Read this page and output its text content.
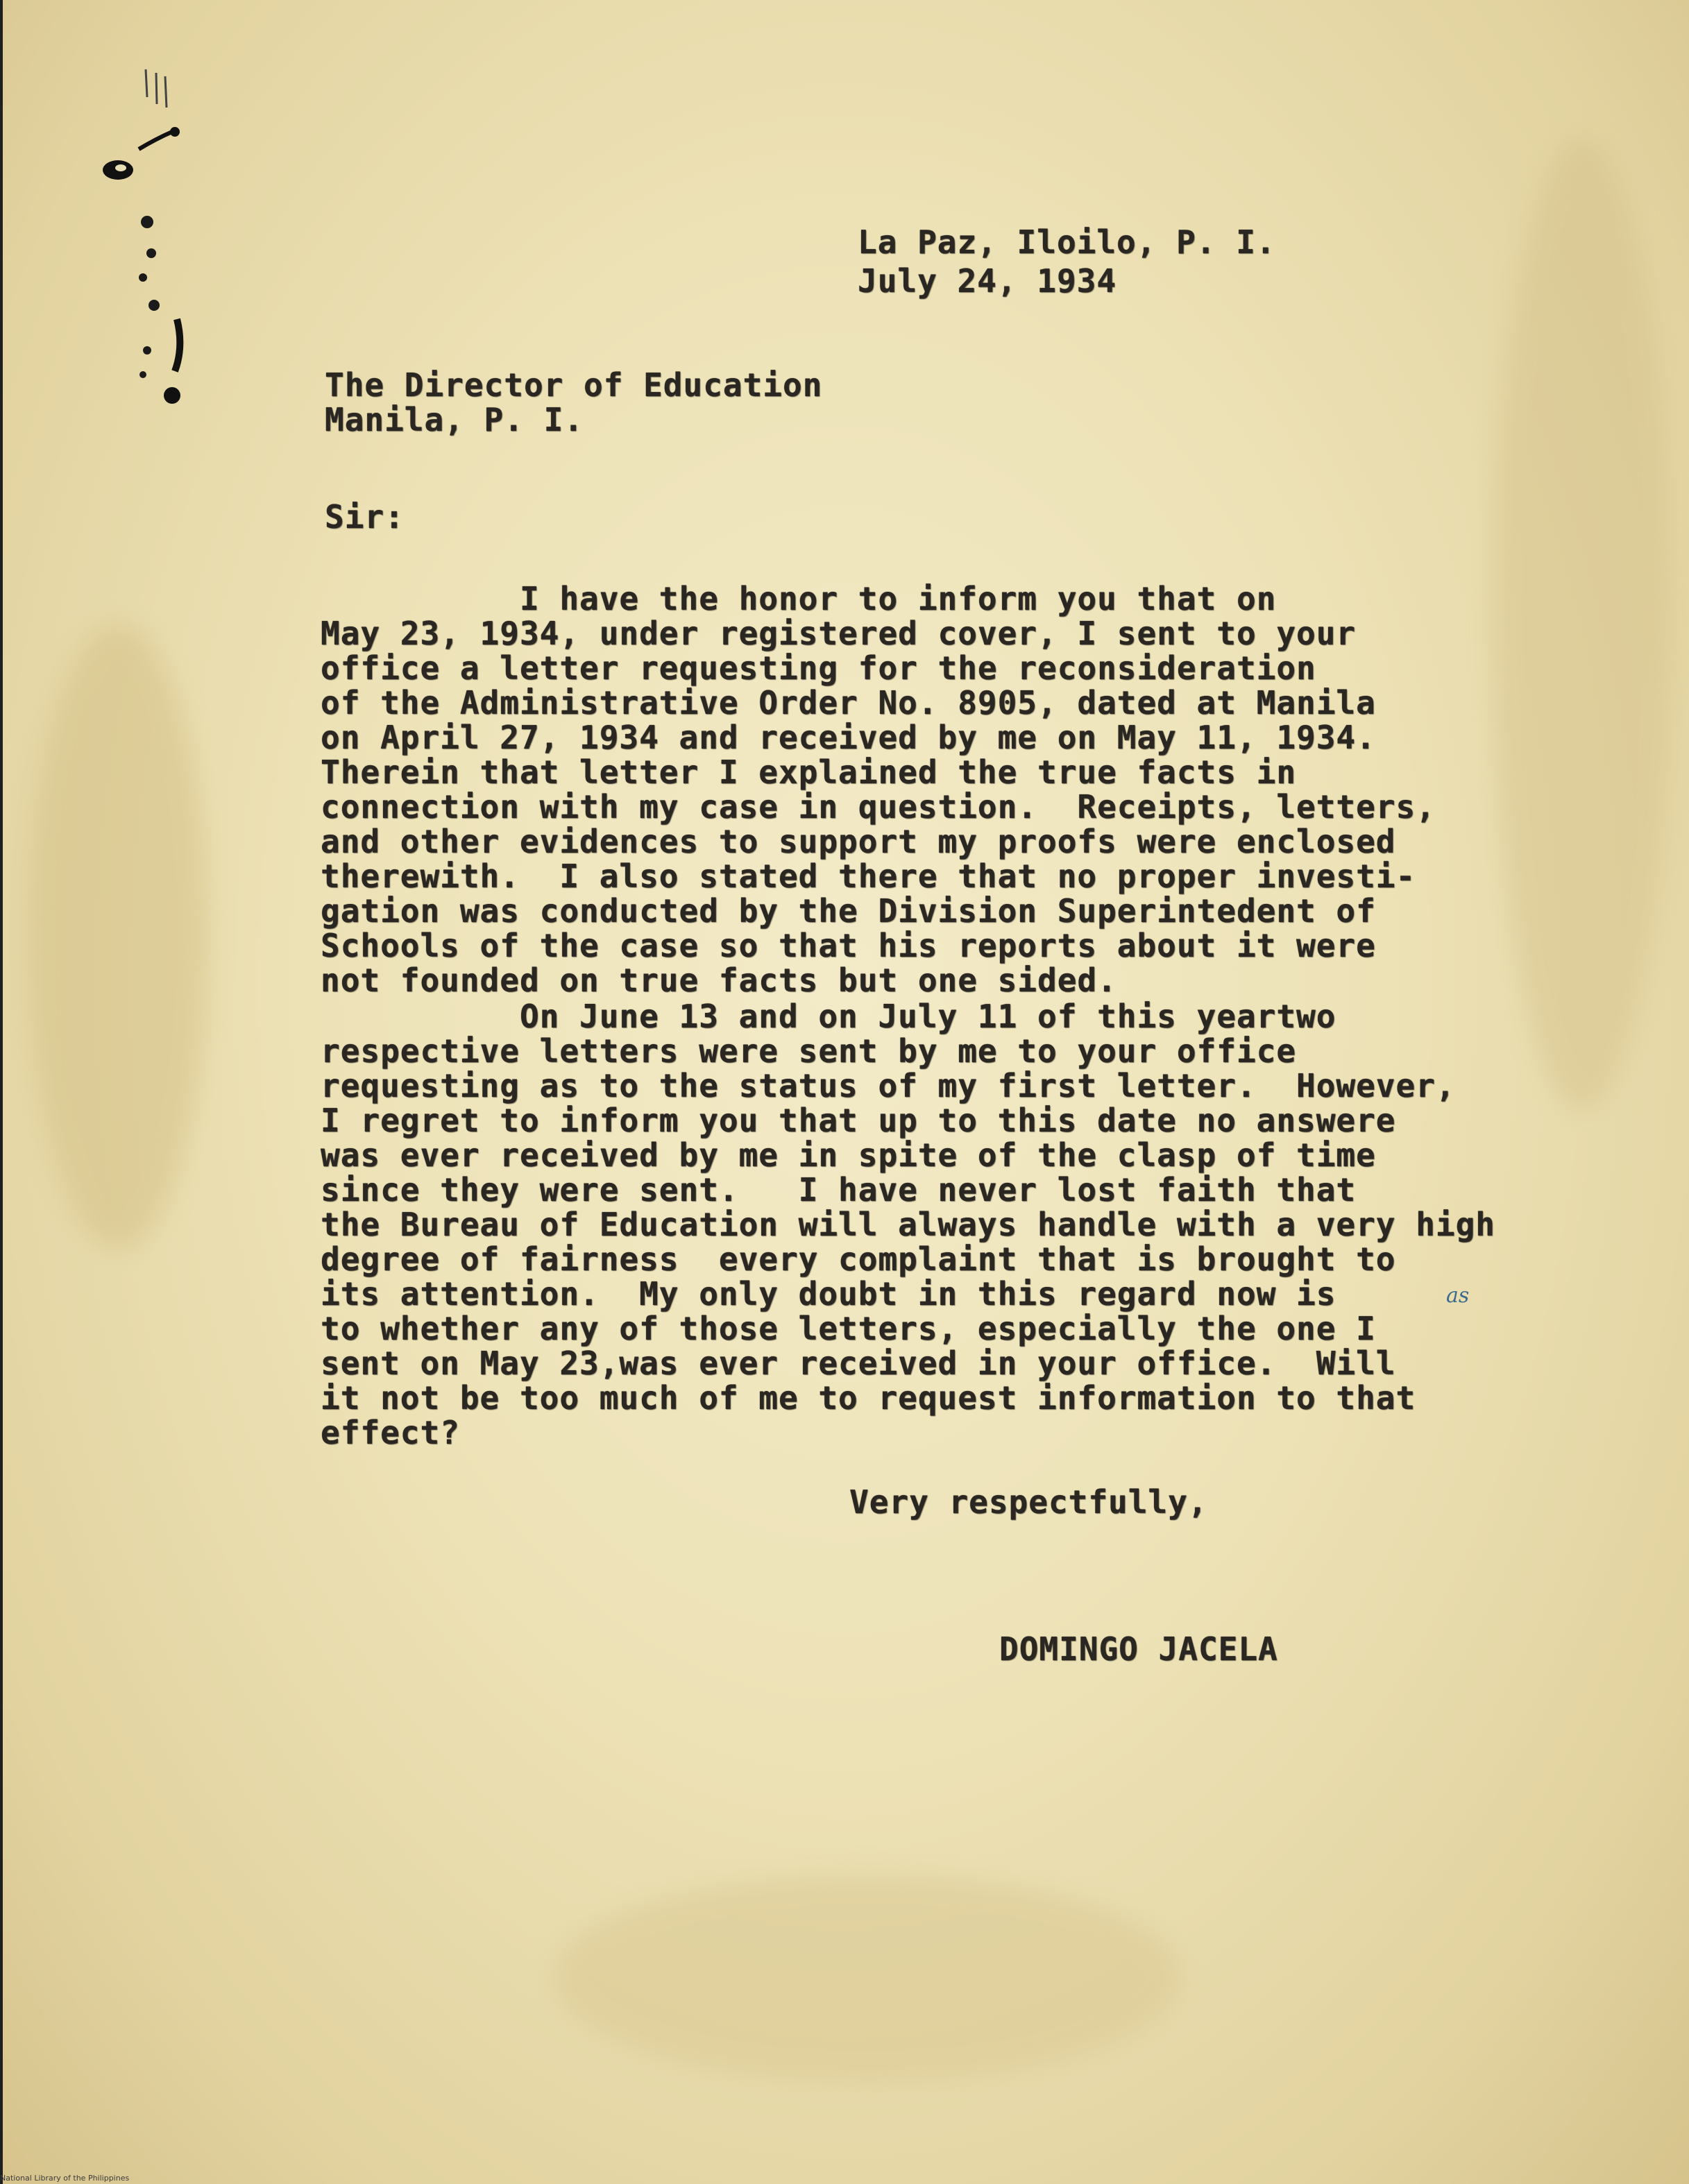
La Paz, Iloilo, P. I.
July 24, 1934
The Director of Education
Manila, P. I.
Sir:

I have the honor to inform you that on

May 23, 1934, under registered cover, I sent to your

office a letter requesting for the reconsideration

of the Administrative Order No. 8905, dated at Manila

on April 27, 1934 and received by me on May 11, 1934.

Therein that letter I explained the true facts in

connection with my case in question.  Receipts, letters,

and other evidences to support my proofs were enclosed

therewith.  I also stated there that no proper investi-

gation was conducted by the Division Superintedent of

Schools of the case so that his reports about it were

not founded on true facts but one sided.

On June 13 and on July 11 of this yeartwo

respective letters were sent by me to your office

requesting as to the status of my first letter.  However,

I regret to inform you that up to this date no answere

was ever received by me in spite of the clasp of time

since they were sent.   I have never lost faith that

the Bureau of Education will always handle with a very high

degree of fairness  every complaint that is brought to

its attention.  My only doubt in this regard now is

to whether any of those letters, especially the one I

sent on May 23,was ever received in your office.  Will

it not be too much of me to request information to that

effect?

as
Very respectfully,
DOMINGO JACELA
National Library of the Philippines
